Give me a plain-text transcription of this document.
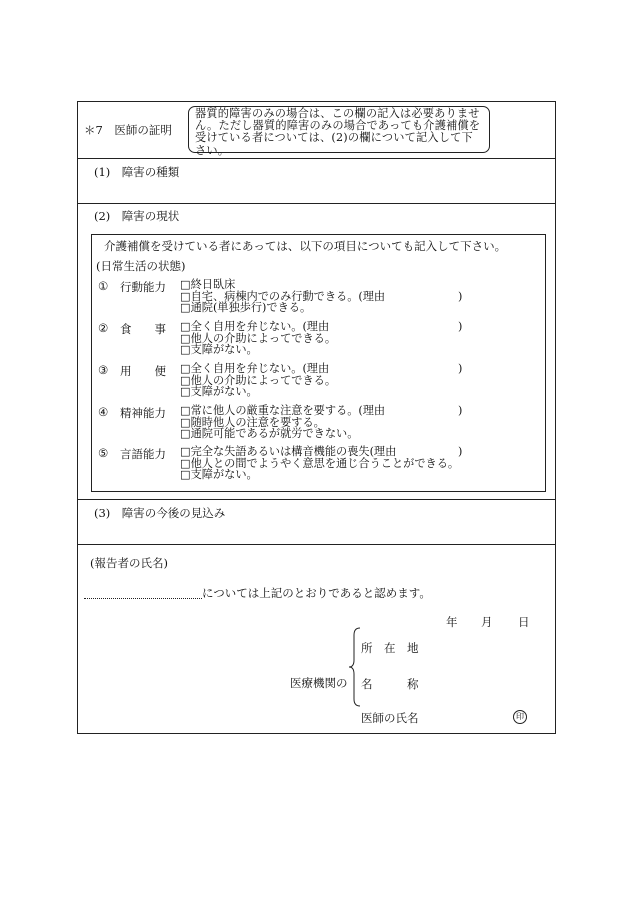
＊7　医師の証明
器質的障害のみの場合は、この欄の記入は必要ありません。ただし器質的障害のみの場合であっても介護補償を受けている者については、(2)の欄について記入して下さい。
(1)　障害の種類
(2)　障害の現状
介護補償を受けている者にあっては、以下の項目についても記入して下さい。
(日常生活の状態)
① 行動能力 □終日臥床
□自宅、病棟内でのみ行動できる。(理由	)
□通院(単独歩行)できる。
② 食　　事 □全く自用を弁じない。(理由	)
□他人の介助によってできる。
□支障がない。
③ 用　　便 □全く自用を弁じない。(理由	)
□他人の介助によってできる。
□支障がない。
④ 精神能力 □常に他人の厳重な注意を要する。(理由	)
□随時他人の注意を要する。
□通院可能であるが就労できない。
⑤ 言語能力 □完全な失語あるいは構音機能の喪失(理由	)
□他人との間でようやく意思を通じ合うことができる。
□支障がない。
(3)　障害の今後の見込み
(報告者の氏名)
については上記のとおりであると認めます。
年 月 日
医療機関の
所　在　地
名　　　称
医師の氏名	印
